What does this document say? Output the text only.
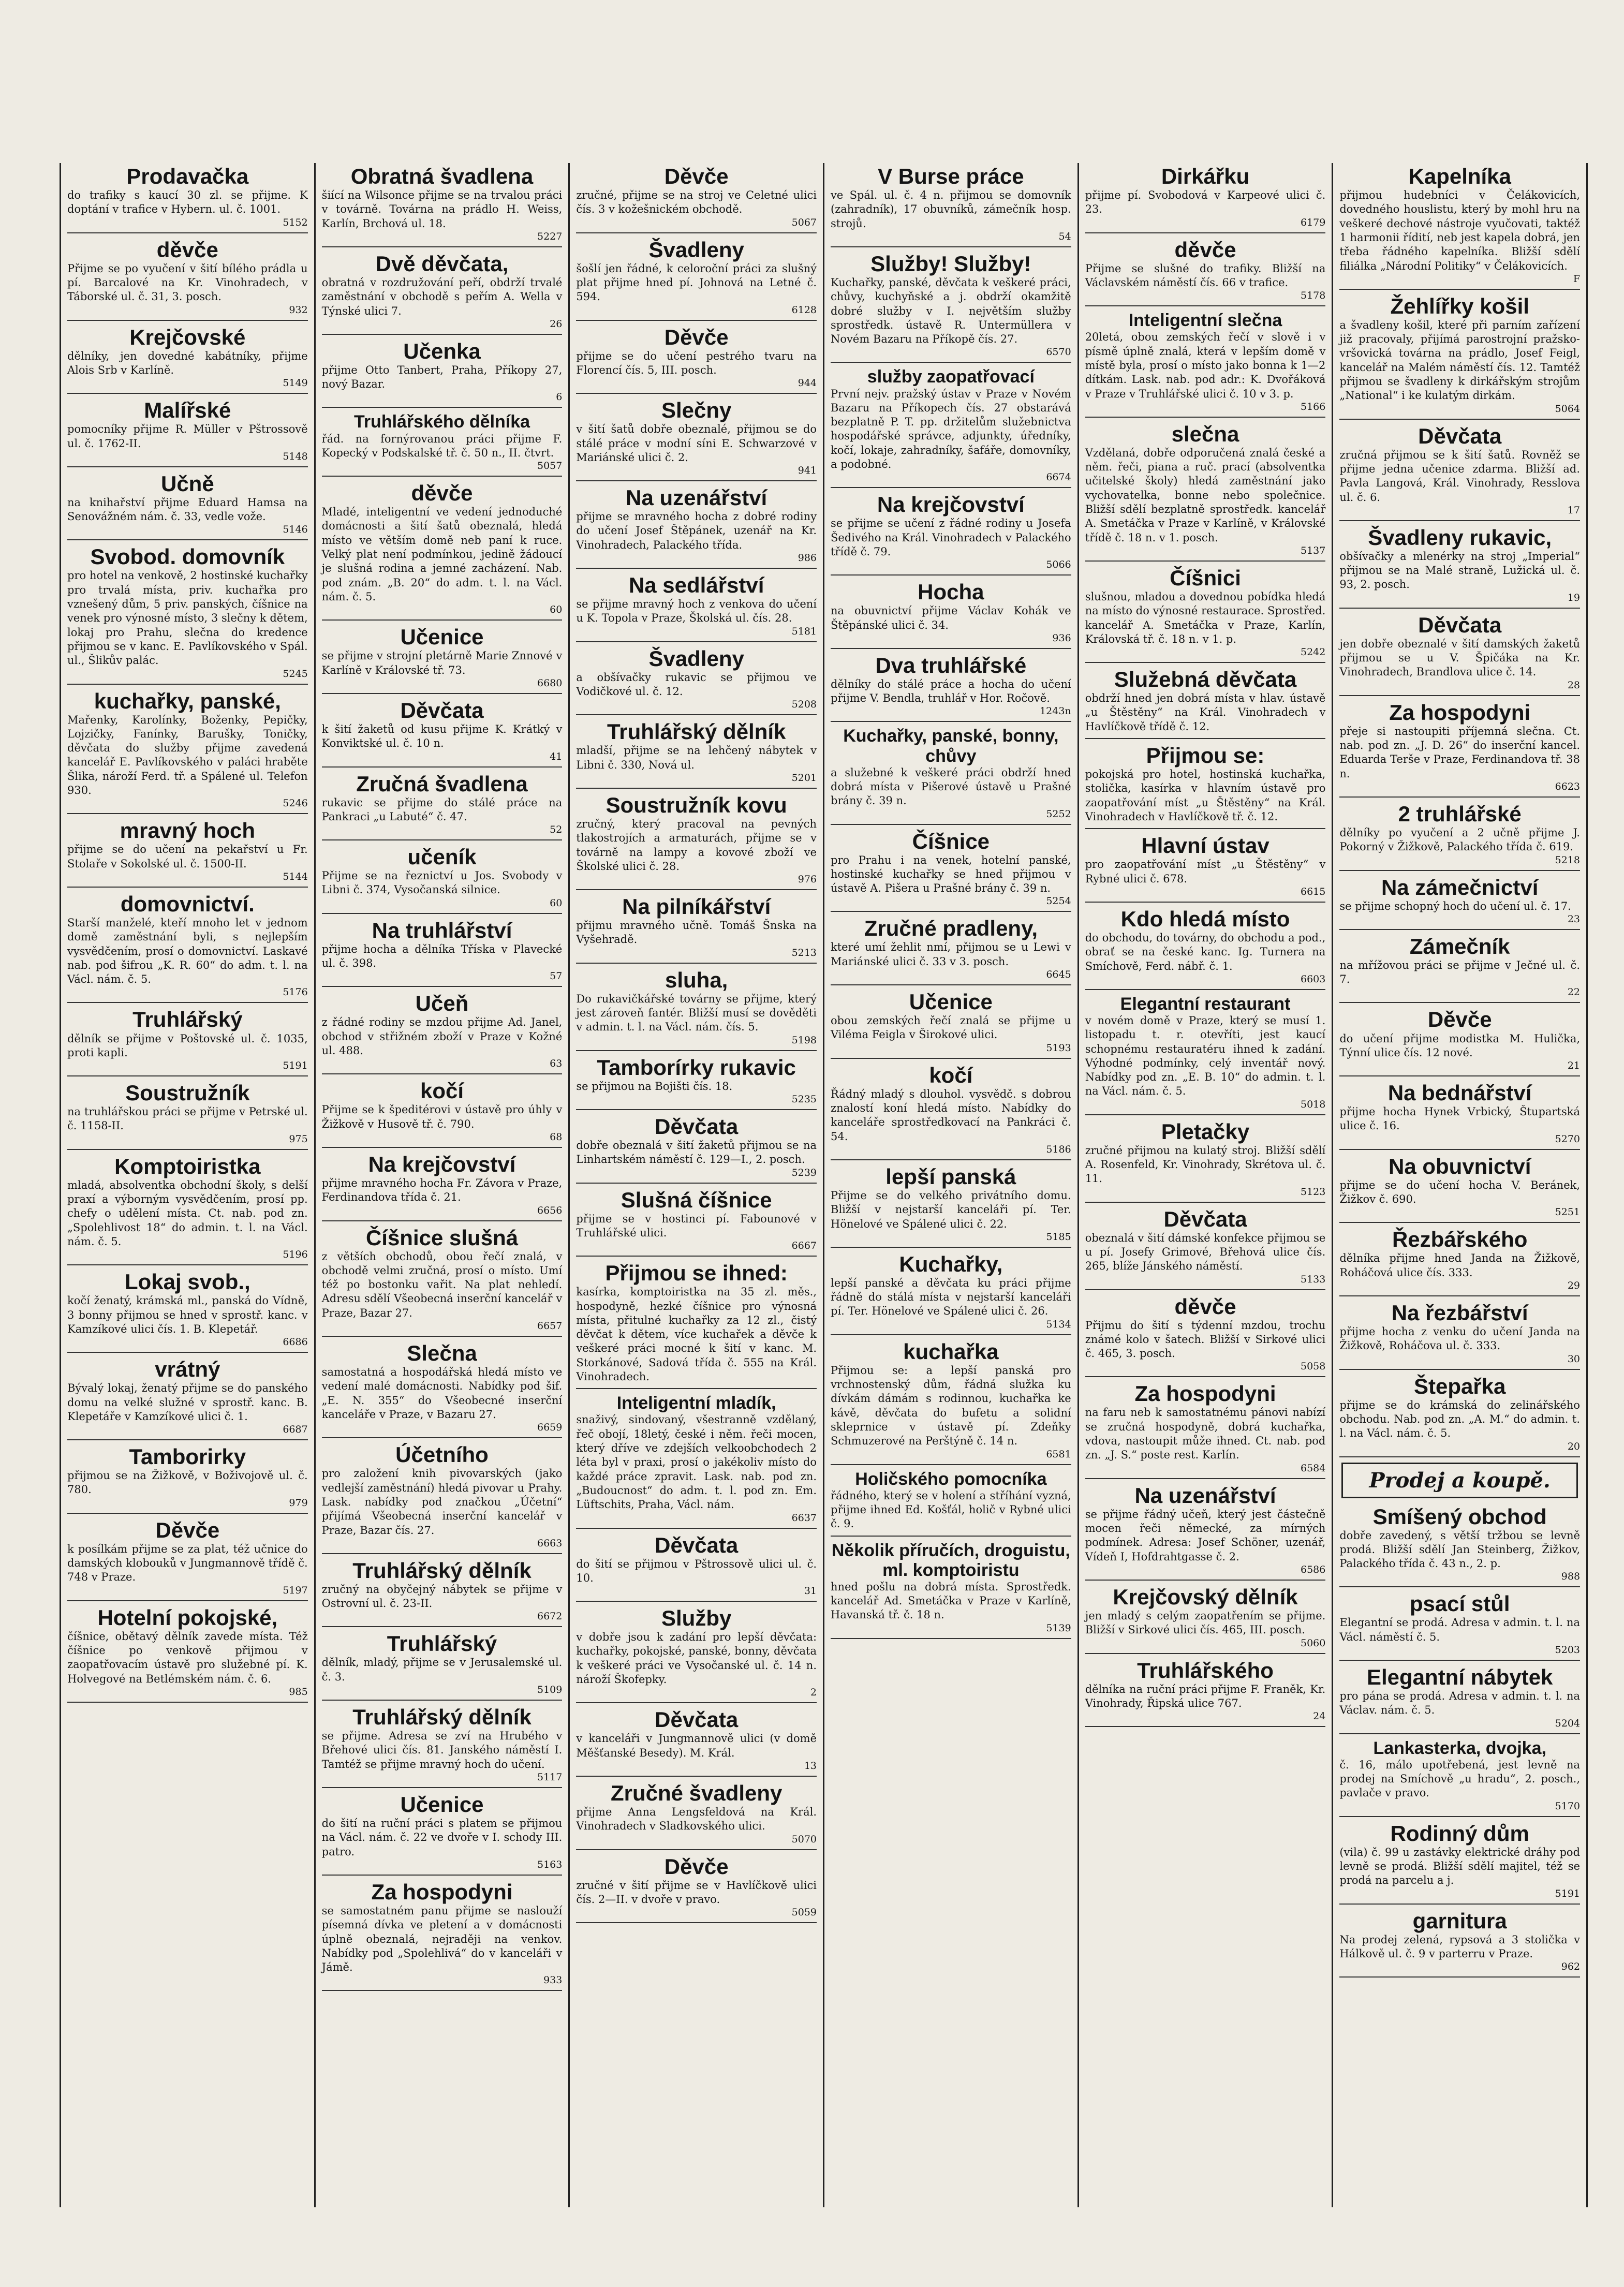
Prodavačka
do trafiky s kaucí 30 zl. se přijme. K doptání v trafice v Hybern. ul. č. 1001.
5152
děvče
Přijme se po vyučení v šití bílého prádla u pí. Barcalové na Kr. Vinohradech, v Táborské ul. č. 31, 3. posch.
932
Krejčovské
dělníky, jen dovedné kabátníky, přijme Alois Srb v Karlíně.
5149
Malířské
pomocníky přijme R. Müller v Pštrossově ul. č. 1762-II.
5148
Učně
na knihařství přijme Eduard Hamsa na Senovážném nám. č. 33, vedle vože.
5146
Svobod. domovník
pro hotel na venkově, 2 hostinské kuchařky pro trvalá místa, priv. kuchařka pro vznešený dům, 5 priv. panských, číšnice na venek pro výnosné místo, 3 slečny k dětem, lokaj pro Prahu, slečna do kredence přijmou se v kanc. E. Pavlíkovského v Spál. ul., Šlikův palác.
5245
kuchařky, panské,
Mařenky, Karolínky, Boženky, Pepičky, Lojzičky, Fanínky, Barušky, Toničky, děvčata do služby přijme zavedená kancelář E. Pavlíkovského v paláci hraběte Šlika, nároží Ferd. tř. a Spálené ul. Telefon 930.
5246
mravný hoch
přijme se do učení na pekařství u Fr. Stolaře v Sokolské ul. č. 1500-II.
5144
domovnictví.
Starší manželé, kteří mnoho let v jednom domě zaměstnání byli, s nejlepším vysvědčením, prosí o domovnictví. Laskavé nab. pod šifrou „K. R. 60“ do adm. t. l. na Václ. nám. č. 5.
5176
Truhlářský
dělník se přijme v Poštovské ul. č. 1035, proti kapli.
5191
Soustružník
na truhlářskou práci se přijme v Petrské ul. č. 1158-II.
975
Komptoiristka
mladá, absolventka obchodní školy, s delší praxí a výborným vysvědčením, prosí pp. chefy o udělení místa. Ct. nab. pod zn. „Spolehlivost 18“ do admin. t. l. na Václ. nám. č. 5.
5196
Lokaj svob.,
kočí ženatý, krámská ml., panská do Vídně, 3 bonny přijmou se hned v sprostř. kanc. v Kamzíkové ulici čís. 1. B. Klepetář.
6686
vrátný
Bývalý lokaj, ženatý přijme se do panského domu na velké služné v sprostř. kanc. B. Klepetáře v Kamzíkové ulici č. 1.
6687
Tamborirky
přijmou se na Žižkově, v Boživojově ul. č. 780.
979
Děvče
k posílkám přijme se za plat, též učnice do damských klobouků v Jungmannově třídě č. 748 v Praze.
5197
Hotelní pokojské,
číšnice, obětavý dělník zavede místa. Též číšnice po venkově přijmou v zaopatřovacím ústavě pro služebné pí. K. Holvegové na Betlémském nám. č. 6.
985
Obratná švadlena
šiící na Wilsonce přijme se na trvalou práci v továrně. Továrna na prádlo H. Weiss, Karlín, Brchová ul. 18.
5227
Dvě děvčata,
obratná v rozdružování peří, obdrží trvalé zaměstnání v obchodě s peřím A. Wella v Týnské ulici 7.
26
Učenka
přijme Otto Tanbert, Praha, Příkopy 27, nový Bazar.
6
Truhlářského dělníka
řád. na fornýrovanou práci přijme F. Kopecký v Podskalské tř. č. 50 n., II. čtvrt.
5057
děvče
Mladé, inteligentní ve vedení jednoduché domácnosti a šití šatů obeznalá, hledá místo ve větším domě neb paní k ruce. Velký plat není podmínkou, jedině žádoucí je slušná rodina a jemné zacházení. Nab. pod znám. „B. 20“ do adm. t. l. na Václ. nám. č. 5.
60
Učenice
se přijme v strojní pletárně Marie Znnové v Karlíně v Královské tř. 73.
6680
Děvčata
k šití žaketů od kusu přijme K. Krátký v Konviktské ul. č. 10 n.
41
Zručná švadlena
rukavic se přijme do stálé práce na Pankraci „u Labuté“ č. 47.
52
učeník
Přijme se na řeznictví u Jos. Svobody v Libni č. 374, Vysočanská silnice.
60
Na truhlářství
přijme hocha a dělníka Tříska v Plavecké ul. č. 398.
57
Učeň
z řádné rodiny se mzdou přijme Ad. Janel, obchod v střižném zboží v Praze v Kožné ul. 488.
63
kočí
Přijme se k špeditérovi v ústavě pro úhly v Žižkově v Husově tř. č. 790.
68
Na krejčovství
přijme mravného hocha Fr. Závora v Praze, Ferdinandova třída č. 21.
6656
Číšnice slušná
z větších obchodů, obou řečí znalá, v obchodě velmi zručná, prosí o místo. Umí též po bostonku vařit. Na plat nehledí. Adresu sdělí Všeobecná inserční kancelář v Praze, Bazar 27.
6657
Slečna
samostatná a hospodářská hledá místo ve vedení malé domácnosti. Nabídky pod šif. „E. N. 355“ do Všeobecné inserční kanceláře v Praze, v Bazaru 27.
6659
Účetního
pro založení knih pivovarských (jako vedlejší zaměstnání) hledá pivovar u Prahy. Lask. nabídky pod značkou „Účetní“ přijímá Všeobecná inserční kancelář v Praze, Bazar čís. 27.
6663
Truhlářský dělník
zručný na obyčejný nábytek se přijme v Ostrovní ul. č. 23-II.
6672
Truhlářský
dělník, mladý, přijme se v Jerusalemské ul. č. 3.
5109
Truhlářský dělník
se přijme. Adresa se zví na Hrubého v Břehové ulici čís. 81. Janského náměstí I. Tamtéž se přijme mravný hoch do učení.
5117
Učenice
do šití na ruční práci s platem se přijmou na Václ. nám. č. 22 ve dvoře v I. schody III. patro.
5163
Za hospodyni
se samostatném panu přijme se naslouží písemná dívka ve pletení a v domácnosti úplně obeznalá, nejraději na venkov. Nabídky pod „Spolehlivá“ do v kanceláři v Jámě.
933
Děvče
zručné, přijme se na stroj ve Celetné ulici čís. 3 v kožešnickém obchodě.
5067
Švadleny
šošlí jen řádné, k celoroční práci za slušný plat přijme hned pí. Johnová na Letné č. 594.
6128
Děvče
přijme se do učení pestrého tvaru na Florencí čís. 5, III. posch.
944
Slečny
v šití šatů dobře obeznalé, přijmou se do stálé práce v modní síni E. Schwarzové v Mariánské ulici č. 2.
941
Na uzenářství
přijme se mravného hocha z dobré rodiny do učení Josef Štěpánek, uzenář na Kr. Vinohradech, Palackého třída.
986
Na sedlářství
se přijme mravný hoch z venkova do učení u K. Topola v Praze, Školská ul. čís. 28.
5181
Švadleny
a obšívačky rukavic se přijmou ve Vodičkové ul. č. 12.
5208
Truhlářský dělník
mladší, přijme se na lehčený nábytek v Libni č. 330, Nová ul.
5201
Soustružník kovu
zručný, který pracoval na pevných tlakostrojích a armaturách, přijme se v továrně na lampy a kovové zboží ve Školské ulici č. 28.
976
Na pilníkářství
přijmu mravného učně. Tomáš Šnska na Vyšehradě.
5213
sluha,
Do rukavičkářské továrny se přijme, který jest zároveň fantér. Bližší musí se dověděti v admin. t. l. na Václ. nám. čís. 5.
5198
Tamborírky rukavic
se přijmou na Bojišti čís. 18.
5235
Děvčata
dobře obeznalá v šití žaketů přijmou se na Linhartském náměstí č. 129—I., 2. posch.
5239
Slušná číšnice
přijme se v hostinci pí. Fabounové v Truhlářské ulici.
6667
Přijmou se ihned:
kasírka, komptoiristka na 35 zl. měs., hospodyně, hezké číšnice pro výnosná místa, přitulné kuchařky za 12 zl., čistý děvčat k dětem, více kuchařek a děvče k veškeré práci mocné k šití v kanc. M. Storkánové, Sadová třída č. 555 na Král. Vinohradech.
Inteligentní mladík,
snaživý, sindovaný, všestranně vzdělaný, řeč obojí, 18letý, české i něm. řeči mocen, který dříve ve zdejších velkoobchodech 2 léta byl v praxi, prosí o jakékoliv místo do každé práce zpravit. Lask. nab. pod zn. „Budoucnost“ do adm. t. l. pod zn. Em. Lüftschits, Praha, Václ. nám.
6637
Děvčata
do šití se přijmou v Pštrossově ulici ul. č. 10.
31
Služby
v dobře jsou k zadání pro lepší děvčata: kuchařky, pokojské, panské, bonny, děvčata k veškeré práci ve Vysočanské ul. č. 14 n. nároží Škofepky.
2
Děvčata
v kanceláři v Jungmannově ulici (v domě Měšťanské Besedy). M. Král.
13
Zručné švadleny
přijme Anna Lengsfeldová na Král. Vinohradech v Sladkovského ulici.
5070
Děvče
zručné v šití přijme se v Havlíčkově ulici čís. 2—II. v dvoře v pravo.
5059
V Burse práce
ve Spál. ul. č. 4 n. přijmou se domovník (zahradník), 17 obuvníků, zámečník hosp. strojů.
54
Služby! Služby!
Kuchařky, panské, děvčata k veškeré práci, chůvy, kuchyňské a j. obdrží okamžitě dobré služby v I. největším služby sprostředk. ústavě R. Untermüllera v Novém Bazaru na Příkopě čís. 27.
6570
služby zaopatřovací
První nejv. pražský ústav v Praze v Novém Bazaru na Příkopech čís. 27 obstarává bezplatně P. T. pp. držitelům služebnictva hospodářské správce, adjunkty, úředníky, kočí, lokaje, zahradníky, šafáře, domovníky, a podobné.
6674
Na krejčovství
se přijme se učení z řádné rodiny u Josefa Šedivého na Král. Vinohradech v Palackého třídě č. 79.
5066
Hocha
na obuvnictví přijme Václav Kohák ve Štěpánské ulici č. 34.
936
Dva truhlářské
dělníky do stálé práce a hocha do učení přijme V. Bendla, truhlář v Hor. Ročově.
1243n
Kuchařky, panské, bonny, chůvy
a služebné k veškeré práci obdrží hned dobrá místa v Pišerové ústavě u Prašné brány č. 39 n.
5252
Číšnice
pro Prahu i na venek, hotelní panské, hostinské kuchařky se hned přijmou v ústavě A. Pišera u Prašné brány č. 39 n.
5254
Zručné pradleny,
které umí žehlit nmí, přijmou se u Lewi v Mariánské ulici č. 33 v 3. posch.
6645
Učenice
obou zemských řečí znalá se přijme u Viléma Feigla v Širokové ulici.
5193
kočí
Řádný mladý s dlouhol. vysvědč. s dobrou znalostí koní hledá místo. Nabídky do kanceláře sprostředkovací na Pankráci č. 54.
5186
lepší panská
Přijme se do velkého privátního domu. Bližší v nejstarší kanceláři pí. Ter. Hönelové ve Spálené ulici č. 22.
5185
Kuchařky,
lepší panské a děvčata ku práci přijme řádně do stálá místa v nejstarší kanceláři pí. Ter. Hönelové ve Spálené ulici č. 26.
5134
kuchařka
Přijmou se: a lepší panská pro vrchnostenský dům, řádná služka ku dívkám dámám s rodinnou, kuchařka ke kávě, děvčata do bufetu a solidní skleprnice v ústavě pí. Zdeňky Schmuzerové na Perštýně č. 14 n.
6581
Holičského pomocníka
řádného, který se v holení a stříhání vyzná, přijme ihned Ed. Košťál, holič v Rybné ulici č. 9.
Několik příručích, droguistu, ml. komptoiristu
hned pošlu na dobrá místa. Sprostředk. kancelář Ad. Smetáčka v Praze v Karlíně, Havanská tř. č. 18 n.
5139
Dirkářku
přijme pí. Svobodová v Karpeové ulici č. 23.
6179
děvče
Přijme se slušné do trafiky. Bližší na Václavském náměstí čís. 66 v trafice.
5178
Inteligentní slečna
20letá, obou zemských řečí v slově i v písmě úplně znalá, která v lepším domě v místě byla, prosí o místo jako bonna k 1—2 dítkám. Lask. nab. pod adr.: K. Dvořáková v Praze v Truhlářské ulici č. 10 v 3. p.
5166
slečna
Vzdělaná, dobře odporučená znalá české a něm. řeči, piana a ruč. prací (absolventka učitelské školy) hledá zaměstnání jako vychovatelka, bonne nebo společnice. Bližší sdělí bezplatně sprostředk. kancelář A. Smetáčka v Praze v Karlíně, v Královské třídě č. 18 n. v 1. posch.
5137
Číšnici
slušnou, mladou a dovednou pobídka hledá na místo do výnosné restaurace. Sprostřed. kancelář A. Smetáčka v Praze, Karlín, Královská tř. č. 18 n. v 1. p.
5242
Služebná děvčata
obdrží hned jen dobrá místa v hlav. ústavě „u Štěstěny“ na Král. Vinohradech v Havlíčkově třídě č. 12.
Přijmou se:
pokojská pro hotel, hostinská kuchařka, stolička, kasírka v hlavním ústavě pro zaopatřování míst „u Štěstěny“ na Král. Vinohradech v Havlíčkově tř. č. 12.
Hlavní ústav
pro zaopatřování míst „u Štěstěny“ v Rybné ulici č. 678.
6615
Kdo hledá místo
do obchodu, do továrny, do obchodu a pod., obrať se na české kanc. Ig. Turnera na Smíchově, Ferd. nábř. č. 1.
6603
Elegantní restaurant
v novém domě v Praze, který se musí 1. listopadu t. r. otevříti, jest kaucí schopnému restauratéru ihned k zadání. Výhodné podmínky, celý inventář nový. Nabídky pod zn. „E. B. 10“ do admin. t. l. na Václ. nám. č. 5.
5018
Pletačky
zručné přijmou na kulatý stroj. Bližší sdělí A. Rosenfeld, Kr. Vinohrady, Skrétova ul. č. 11.
5123
Děvčata
obeznalá v šití dámské konfekce přijmou se u pí. Josefy Grimové, Břehová ulice čís. 265, blíže Jánského náměstí.
5133
děvče
Přijmu do šití s týdenní mzdou, trochu známé kolo v šatech. Bližší v Sirkové ulici č. 465, 3. posch.
5058
Za hospodyni
na faru neb k samostatnému pánovi nabízí se zručná hospodyně, dobrá kuchařka, vdova, nastoupit může ihned. Ct. nab. pod zn. „J. S.“ poste rest. Karlín.
6584
Na uzenářství
se přijme řádný učeň, který jest částečně mocen řeči německé, za mírných podmínek. Adresa: Josef Schöner, uzenář, Vídeň I, Hofdrahtgasse č. 2.
6586
Krejčovský dělník
jen mladý s celým zaopatřením se přijme. Bližší v Sirkové ulici čís. 465, III. posch.
5060
Truhlářského
dělníka na ruční práci přijme F. Franěk, Kr. Vinohrady, Řipská ulice 767.
24
Kapelníka
přijmou hudebníci v Čelákovicích, dovedného houslistu, který by mohl hru na veškeré dechové nástroje vyučovati, taktéž 1 harmonii řídití, neb jest kapela dobrá, jen třeba řádného kapelníka. Bližší sdělí filiálka „Národní Politiky“ v Čelákovicích.
F
Žehlířky košil
a švadleny košil, které při parním zařízení již pracovaly, přijímá parostrojní pražsko-vršovická továrna na prádlo, Josef Feigl, kancelář na Malém náměstí čís. 12. Tamtéž přijmou se švadleny k dirkářským strojům „National“ i ke kulatým dirkám.
5064
Děvčata
zručná přijmou se k šití šatů. Rovněž se přijme jedna učenice zdarma. Bližší ad. Pavla Langová, Král. Vinohrady, Resslova ul. č. 6.
17
Švadleny rukavic,
obšívačky a mlenérky na stroj „Imperial“ přijmou se na Malé straně, Lužická ul. č. 93, 2. posch.
19
Děvčata
jen dobře obeznalé v šití damských žaketů přijmou se u V. Špičáka na Kr. Vinohradech, Brandlova ulice č. 14.
28
Za hospodyni
přeje si nastoupiti příjemná slečna. Ct. nab. pod zn. „J. D. 26“ do inserční kancel. Eduarda Terše v Praze, Ferdinandova tř. 38 n.
6623
2 truhlářské
dělníky po vyučení a 2 učně přijme J. Pokorný v Žižkově, Palackého třída č. 619.
5218
Na zámečnictví
se přijme schopný hoch do učení ul. č. 17.
23
Zámečník
na mřížovou práci se přijme v Ječné ul. č. 7.
22
Děvče
do učení přijme modistka M. Hulička, Týnní ulice čís. 12 nové.
21
Na bednářství
přijme hocha Hynek Vrbický, Štupartská ulice č. 16.
5270
Na obuvnictví
přijme se do učení hocha V. Beránek, Žižkov č. 690.
5251
Řezbářského
dělníka přijme hned Janda na Žižkově, Roháčová ulice čís. 333.
29
Na řezbářství
přijme hocha z venku do učení Janda na Žižkově, Roháčova ul. č. 333.
30
Štepařka
přijme se do krámská do zelinářského obchodu. Nab. pod zn. „A. M.“ do admin. t. l. na Václ. nám. č. 5.
20
Prodej a koupě.
Smíšený obchod
dobře zavedený, s větší tržbou se levně prodá. Bližší sdělí Jan Steinberg, Žižkov, Palackého třída č. 43 n., 2. p.
988
psací stůl
Elegantní se prodá. Adresa v admin. t. l. na Václ. náměstí č. 5.
5203
Elegantní nábytek
pro pána se prodá. Adresa v admin. t. l. na Václav. nám. č. 5.
5204
Lankasterka, dvojka,
č. 16, málo upotřebená, jest levně na prodej na Smíchově „u hradu“, 2. posch., pavlače v pravo.
5170
Rodinný dům
(vila) č. 99 u zastávky elektrické dráhy pod levně se prodá. Bližší sdělí majitel, též se prodá na parcelu a j.
5191
garnitura
Na prodej zelená, rypsová a 3 stolička v Hálkově ul. č. 9 v parterru v Praze.
962
